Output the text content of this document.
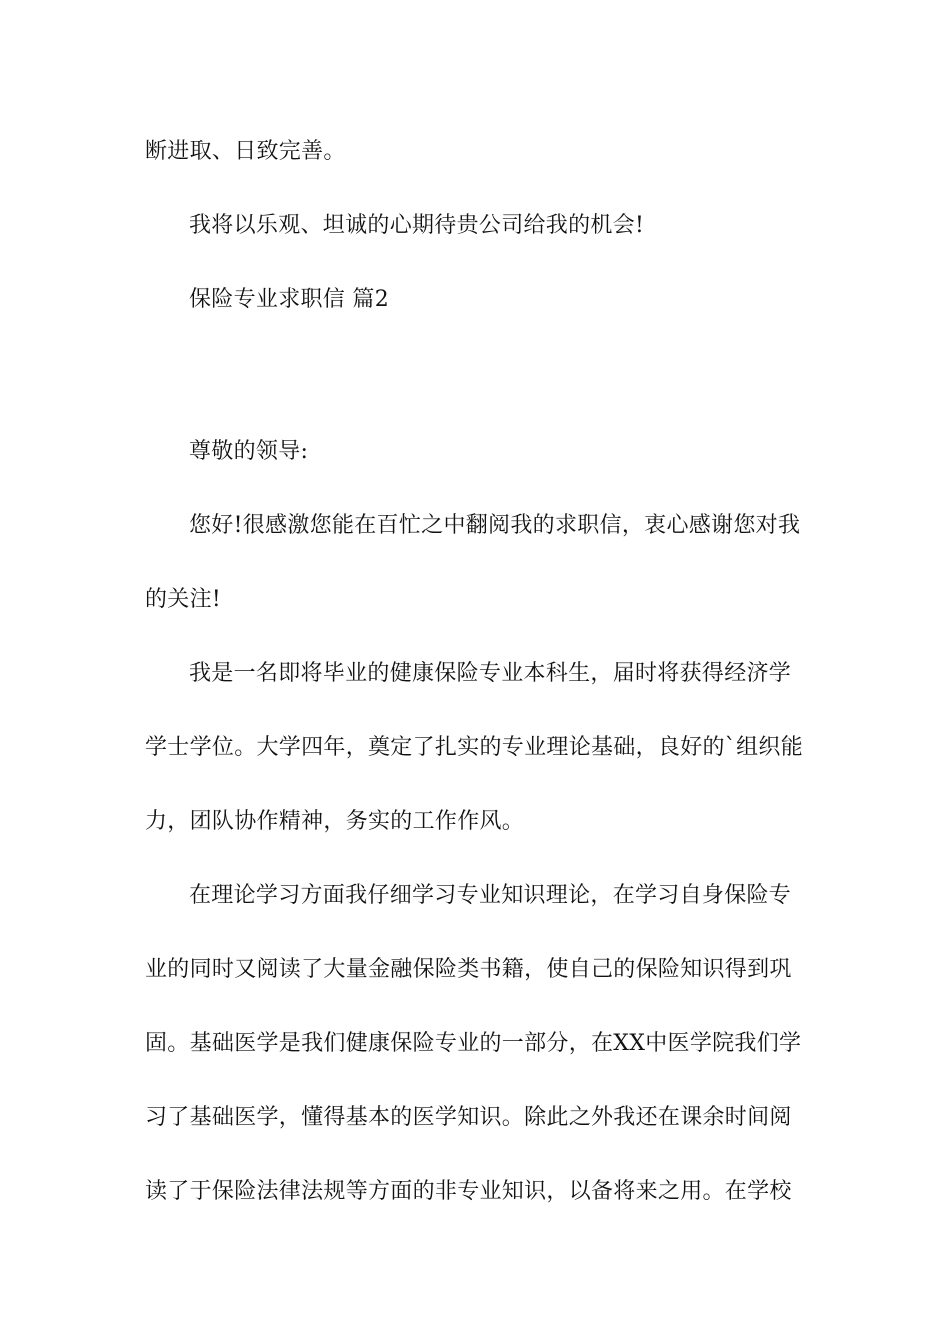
断进取、日致完善。
我将以乐观、坦诚的心期待贵公司给我的机会!
保险专业求职信 篇2
尊敬的领导:
您好!很感激您能在百忙之中翻阅我的求职信，衷心感谢您对我
的关注!
我是一名即将毕业的健康保险专业本科生，届时将获得经济学
学士学位。大学四年，奠定了扎实的专业理论基础，良好的`组织能
力，团队协作精神，务实的工作作风。
在理论学习方面我仔细学习专业知识理论，在学习自身保险专
业的同时又阅读了大量金融保险类书籍，使自己的保险知识得到巩
固。基础医学是我们健康保险专业的一部分，在XX中医学院我们学
习了基础医学，懂得基本的医学知识。除此之外我还在课余时间阅
读了于保险法律法规等方面的非专业知识，以备将来之用。在学校
